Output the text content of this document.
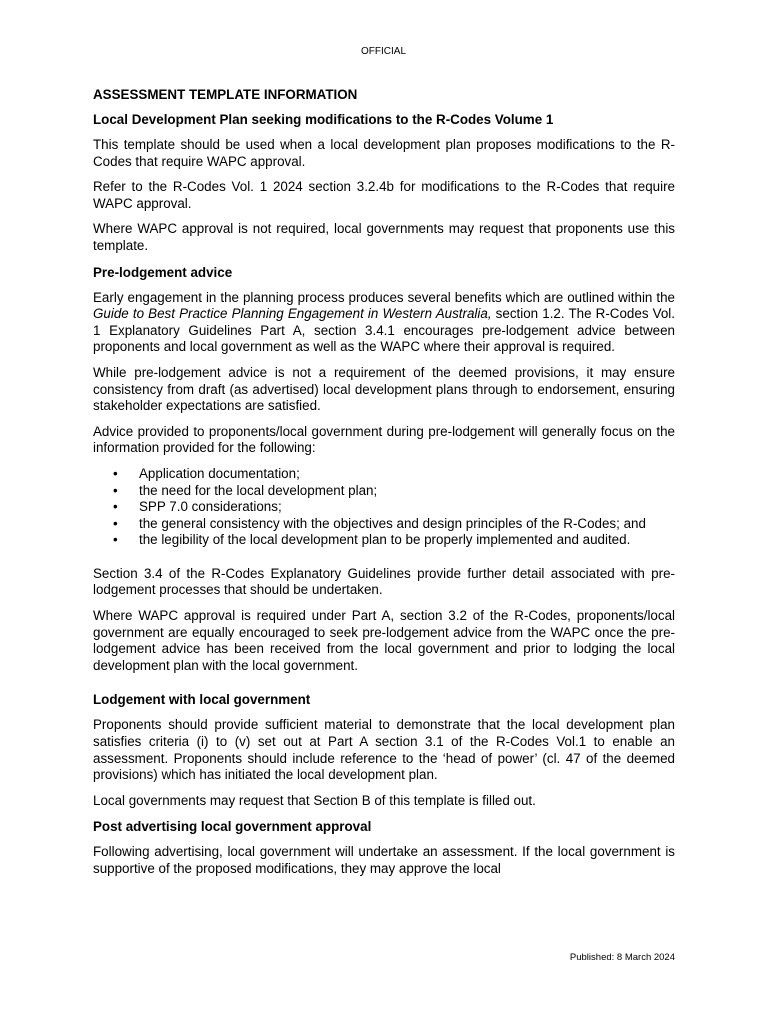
OFFICIAL
ASSESSMENT TEMPLATE INFORMATION
Local Development Plan seeking modifications to the R-Codes Volume 1

This template should be used when a local development plan proposes modifications to the R-Codes that require WAPC approval.

Refer to the R-Codes Vol. 1 2024 section 3.2.4b for modifications to the R-Codes that require WAPC approval.

Where WAPC approval is not required, local governments may request that proponents use this template.

Pre-lodgement advice

Early engagement in the planning process produces several benefits which are outlined within the Guide to Best Practice Planning Engagement in Western Australia, section 1.2. The R-Codes Vol. 1 Explanatory Guidelines Part A, section 3.4.1 encourages pre-lodgement advice between proponents and local government as well as the WAPC where their approval is required.

While pre-lodgement advice is not a requirement of the deemed provisions, it may ensure consistency from draft (as advertised) local development plans through to endorsement, ensuring stakeholder expectations are satisfied.

Advice provided to proponents/local government during pre-lodgement will generally focus on the information provided for the following:

• Application documentation;
• the need for the local development plan;
• SPP 7.0 considerations;
• the general consistency with the objectives and design principles of the R-Codes; and
• the legibility of the local development plan to be properly implemented and audited.

Section 3.4 of the R-Codes Explanatory Guidelines provide further detail associated with pre-lodgement processes that should be undertaken.

Where WAPC approval is required under Part A, section 3.2 of the R-Codes, proponents/local government are equally encouraged to seek pre-lodgement advice from the WAPC once the pre-lodgement advice has been received from the local government and prior to lodging the local development plan with the local government.

Lodgement with local government

Proponents should provide sufficient material to demonstrate that the local development plan satisfies criteria (i) to (v) set out at Part A section 3.1 of the R-Codes Vol.1 to enable an assessment. Proponents should include reference to the ‘head of power’ (cl. 47 of the deemed provisions) which has initiated the local development plan.

Local governments may request that Section B of this template is filled out.

Post advertising local government approval

Following advertising, local government will undertake an assessment. If the local government is supportive of the proposed modifications, they may approve the local

Published: 8 March 2024
